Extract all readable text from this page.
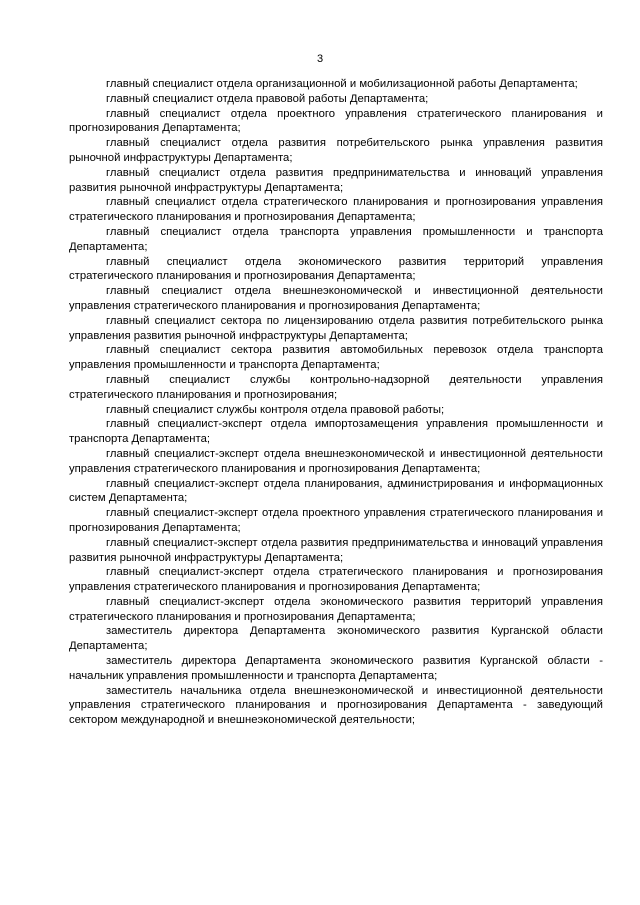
3

главный специалист отдела организационной и мобилизационной работы Департамента;

главный специалист отдела правовой работы Департамента;

главный специалист отдела проектного управления стратегического планирования и прогнозирования Департамента;

главный специалист отдела развития потребительского рынка управления развития рыночной инфраструктуры Департамента;

главный специалист отдела развития предпринимательства и инноваций управления развития рыночной инфраструктуры Департамента;

главный специалист отдела стратегического планирования и прогнозирования управления стратегического планирования и прогнозирования Департамента;

главный специалист отдела транспорта управления промышленности и транспорта Департамента;

главный специалист отдела экономического развития территорий управления стратегического планирования и прогнозирования Департамента;

главный специалист отдела внешнеэкономической и инвестиционной деятельности управления стратегического планирования и прогнозирования Департамента;

главный специалист сектора по лицензированию отдела развития потребительского рынка управления развития рыночной инфраструктуры Департамента;

главный специалист сектора развития автомобильных перевозок отдела транспорта управления промышленности и транспорта Департамента;

главный специалист службы контрольно-надзорной деятельности управления стратегического планирования и прогнозирования;

главный специалист службы контроля отдела правовой работы;

главный специалист-эксперт отдела импортозамещения управления промышленности и транспорта Департамента;

главный специалист-эксперт отдела внешнеэкономической и инвестиционной деятельности управления стратегического планирования и прогнозирования Департамента;

главный специалист-эксперт отдела планирования, администрирования и информационных систем Департамента;

главный специалист-эксперт отдела проектного управления стратегического планирования и прогнозирования Департамента;

главный специалист-эксперт отдела развития предпринимательства и инноваций управления развития рыночной инфраструктуры Департамента;

главный специалист-эксперт отдела стратегического планирования и прогнозирования управления стратегического планирования и прогнозирования Департамента;

главный специалист-эксперт отдела экономического развития территорий управления стратегического планирования и прогнозирования Департамента;

заместитель директора Департамента экономического развития Курганской области Департамента;

заместитель директора Департамента экономического развития Курганской области - начальник управления промышленности и транспорта Департамента;

заместитель начальника отдела внешнеэкономической и инвестиционной деятельности управления стратегического планирования и прогнозирования Департамента - заведующий сектором международной и внешнеэкономической деятельности;
